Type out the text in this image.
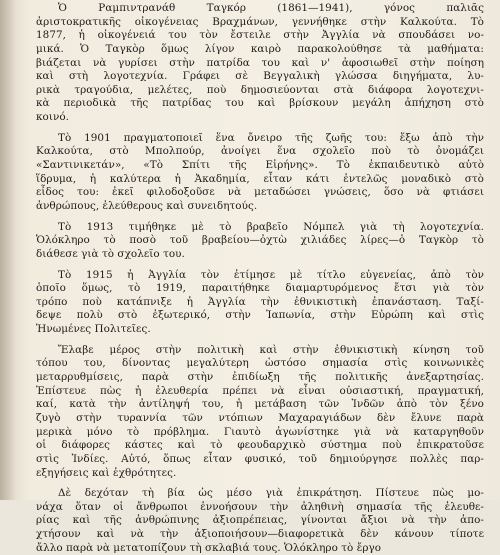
Ὁ Ραμπιντρανάθ Ταγκόρ (1861—1941), γόνος παλιᾶς
ἀριστοκρατικῆς οἰκογένειας Βραχμάνων, γεννήθηκε στὴν Καλκούτα. Τὸ
1877, ἡ οἰκογένειά του τὸν ἔστειλε στὴν Ἀγγλία νὰ σπουδάσει νο-
μικά. Ὁ Ταγκὸρ ὅμως λίγον καιρὸ παρακολούθησε τὰ μαθήματα:
βιάζεται νὰ γυρίσει στὴν πατρίδα του καὶ ν' ἀφοσιωθεῖ στὴν ποίηση
καὶ στὴ λογοτεχνία. Γράφει σὲ Βεγγαλικὴ γλώσσα διηγήματα, λυ-
ρικὰ τραγούδια, μελέτες, ποὺ δημοσιεύονται στὰ διάφορα λογοτεχνι-
κὰ περιοδικὰ τῆς πατρίδας του καὶ βρίσκουν μεγάλη ἀπήχηση στὸ
κοινό.
Τὸ 1901 πραγματοποιεῖ ἕνα ὄνειρο τῆς ζωῆς του: ἔξω ἀπὸ τὴν
Καλκούτα, στὸ Μπολπούρ, ἀνοίγει ἕνα σχολεῖο ποὺ τὸ ὀνομάζει
«Σαντινικετάν», «Τὸ Σπίτι τῆς Εἰρήνης». Τὸ ἐκπαιδευτικὸ αὐτὸ
ἵδρυμα, ἡ καλύτερα ἡ Ἀκαδημία, εἶταν κάτι ἐντελῶς μοναδικὸ στὸ
εἶδος του: ἐκεῖ φιλοδοξοῦσε νὰ μεταδώσει γνώσεις, ὅσο νὰ φτιάσει
ἀνθρώπους, ἐλεύθερους καὶ συνειδητούς.
Τὸ 1913 τιμήθηκε μὲ τὸ βραβεῖο Νόμπελ γιὰ τὴ λογοτεχνία.
Ὁλόκληρο τὸ ποσὸ τοῦ βραβείου—ὀχτὼ χιλιάδες λίρες—ὁ Ταγκὸρ τὸ
διάθεσε γιὰ τὸ σχολεῖο του.
Τὸ 1915 ἡ Ἀγγλία τὸν ἐτίμησε μὲ τίτλο εὐγενείας, ἀπὸ τὸν
ὁποῖο ὅμως, τὸ 1919, παραιτήθηκε διαμαρτυρόμενος ἔτσι γιὰ τὸν
τρόπο ποὺ κατάπνιξε ἡ Ἀγγλία τὴν ἐθνικιστικὴ ἐπανάσταση. Ταξί-
δεψε πολὺ στὸ ἐξωτερικό, στὴν Ἰαπωνία, στὴν Εὐρώπη καὶ στὶς
Ἡνωμένες Πολιτεῖες.
Ἔλαβε μέρος στὴν πολιτικὴ καὶ στὴν ἐθνικιστικὴ κίνηση τοῦ
τόπου του, δίνοντας μεγαλύτερη ὡστόσο σημασία στὶς κοινωνικὲς
μεταρρυθμίσεις, παρὰ στὴν ἐπιδίωξη τῆς πολιτικῆς ἀνεξαρτησίας.
Ἐπίστευε πὼς ἡ ἐλευθερία πρέπει νὰ εἶναι οὐσιαστική, πραγματική,
καί, κατὰ τὴν ἀντίληψή του, ἡ μετάβαση τῶν Ἰνδῶν ἀπὸ τὸν ξένο
ζυγὸ στὴν τυραννία τῶν ντόπιων Μαχαραγιάδων δὲν ἔλυνε παρὰ
μερικὰ μόνο τὸ πρόβλημα. Γιαυτὸ ἀγωνίστηκε γιὰ νὰ καταργηθοῦν
οἱ διάφορες κάστες καὶ τὸ φεουδαρχικὸ σύστημα ποὺ ἐπικρατοῦσε
στὶς Ἰνδίες. Αὐτό, ὅπως εἶταν φυσικό, τοῦ δημιούργησε πολλὲς παρ-
εξηγήσεις καὶ ἐχθρότητες.
Δὲ δεχόταν τὴ βία ὡς μέσο γιὰ ἐπικράτηση. Πίστευε πὼς μο-
νάχα ὅταν οἱ ἄνθρωποι ἐννοήσουν τὴν ἀληθινὴ σημασία τῆς ἐλευθε-
ρίας καὶ τῆς ἀνθρώπινης ἀξιοπρέπειας, γίνονται ἄξιοι νὰ τὴν ἀπο-
χτήσουν καὶ νὰ τὴν ἀξιοποιήσουν—διαφορετικὰ δὲν κάνουν τίποτε
ἄλλο παρὰ νὰ μετατοπίζουν τὴ σκλαβιά τους. Ὁλόκληρο τὸ ἔργο
